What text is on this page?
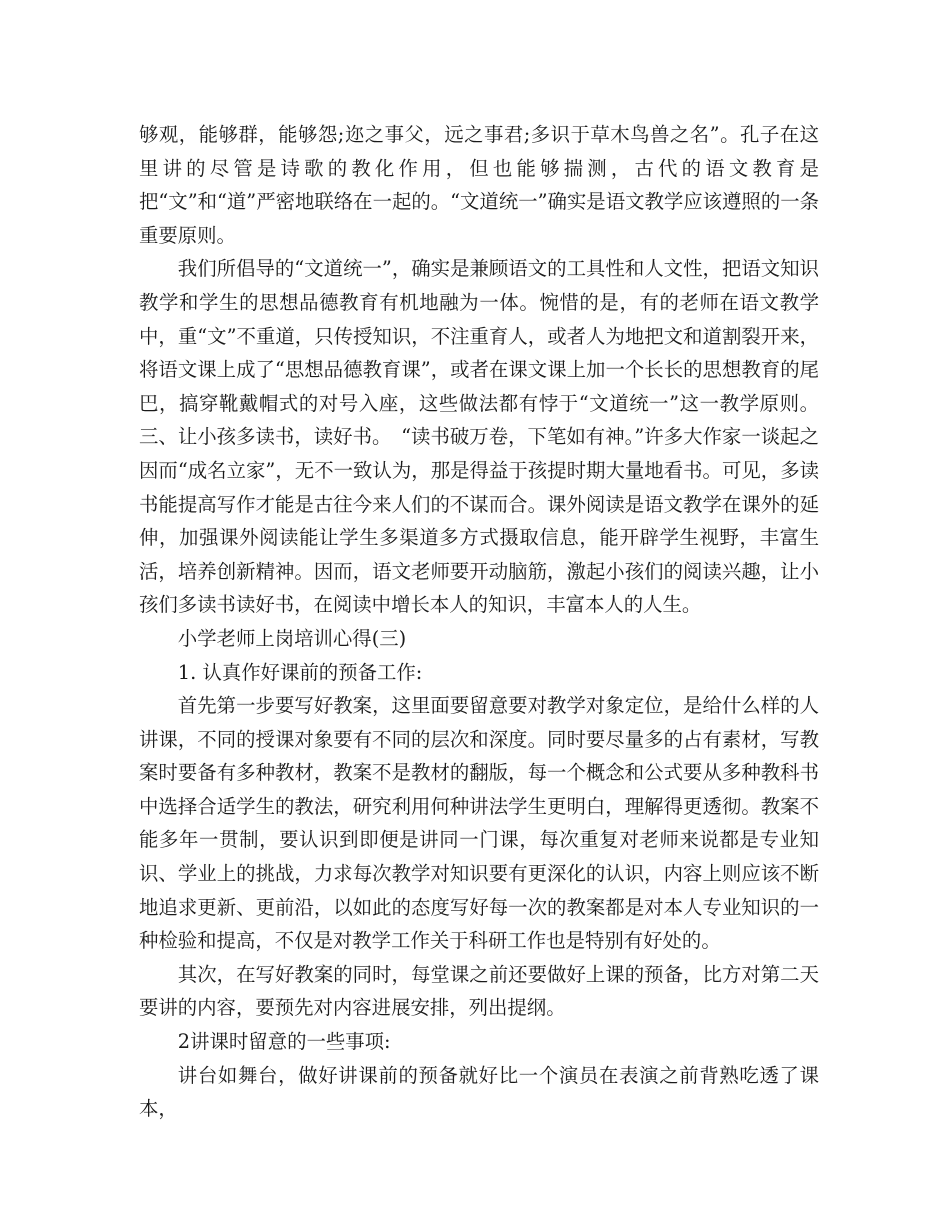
够观，能够群，能够怨;迩之事父，远之事君;多识于草木鸟兽之名”。孔子在这里讲的尽管是诗歌的教化作用，但也能够揣测，古代的语文教育是把“文”和“道”严密地联络在一起的。“文道统一”确实是语文教学应该遵照的一条重要原则。

我们所倡导的“文道统一”，确实是兼顾语文的工具性和人文性，把语文知识教学和学生的思想品德教育有机地融为一体。惋惜的是，有的老师在语文教学中，重“文”不重道，只传授知识，不注重育人，或者人为地把文和道割裂开来，将语文课上成了“思想品德教育课”，或者在课文课上加一个长长的思想教育的尾巴，搞穿靴戴帽式的对号入座，这些做法都有悖于“文道统一”这一教学原则。三、让小孩多读书，读好书。　“读书破万卷，下笔如有神。”许多大作家一谈起之因而“成名立家”，无不一致认为，那是得益于孩提时期大量地看书。可见，多读书能提高写作才能是古往今来人们的不谋而合。课外阅读是语文教学在课外的延伸，加强课外阅读能让学生多渠道多方式摄取信息，能开辟学生视野，丰富生活，培养创新精神。因而，语文老师要开动脑筋，激起小孩们的阅读兴趣，让小孩们多读书读好书，在阅读中增长本人的知识，丰富本人的人生。

小学老师上岗培训心得(三)

1. 认真作好课前的预备工作:

首先第一步要写好教案，这里面要留意要对教学对象定位，是给什么样的人讲课，不同的授课对象要有不同的层次和深度。同时要尽量多的占有素材，写教案时要备有多种教材，教案不是教材的翻版，每一个概念和公式要从多种教科书中选择合适学生的教法，研究利用何种讲法学生更明白，理解得更透彻。教案不能多年一贯制，要认识到即便是讲同一门课，每次重复对老师来说都是专业知识、学业上的挑战，力求每次教学对知识要有更深化的认识，内容上则应该不断地追求更新、更前沿，以如此的态度写好每一次的教案都是对本人专业知识的一种检验和提高，不仅是对教学工作关于科研工作也是特别有好处的。

其次，在写好教案的同时，每堂课之前还要做好上课的预备，比方对第二天要讲的内容，要预先对内容进展安排，列出提纲。

2讲课时留意的一些事项:

讲台如舞台，做好讲课前的预备就好比一个演员在表演之前背熟吃透了课本，
